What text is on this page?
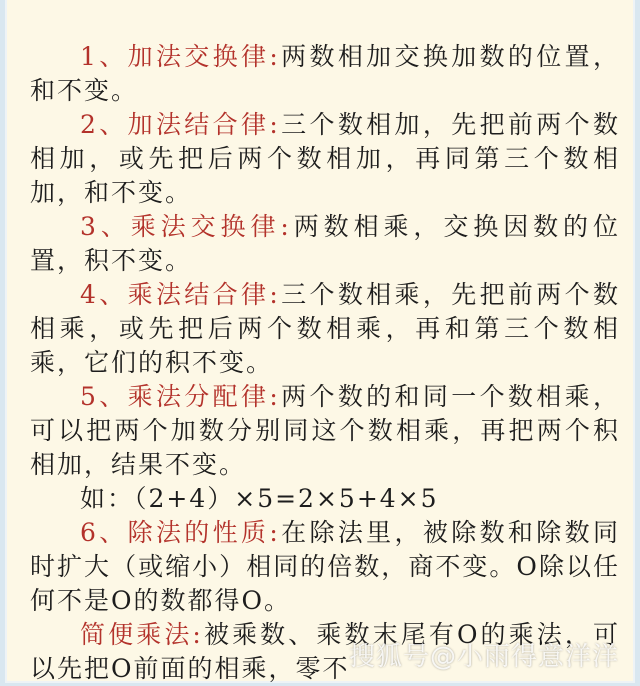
1、加法交换律:两数相加交换加数的位置，和不变。

2、加法结合律:三个数相加，先把前两个数相加，或先把后两个数相加，再同第三个数相加，和不变。

3、乘法交换律:两数相乘，交换因数的位置，积不变。

4、乘法结合律:三个数相乘，先把前两个数相乘，或先把后两个数相乘，再和第三个数相乘，它们的积不变。

5、乘法分配律:两个数的和同一个数相乘，可以把两个加数分别同这个数相乘，再把两个积相加，结果不变。

如：（2+4）×5=2×5+4×5

6、除法的性质:在除法里，被除数和除数同时扩大（或缩小）相同的倍数，商不变。O除以任何不是O的数都得O。

简便乘法:被乘数、乘数末尾有O的乘法，可以先把O前面的相乘，零不 搜狐号@小雨得意洋洋
